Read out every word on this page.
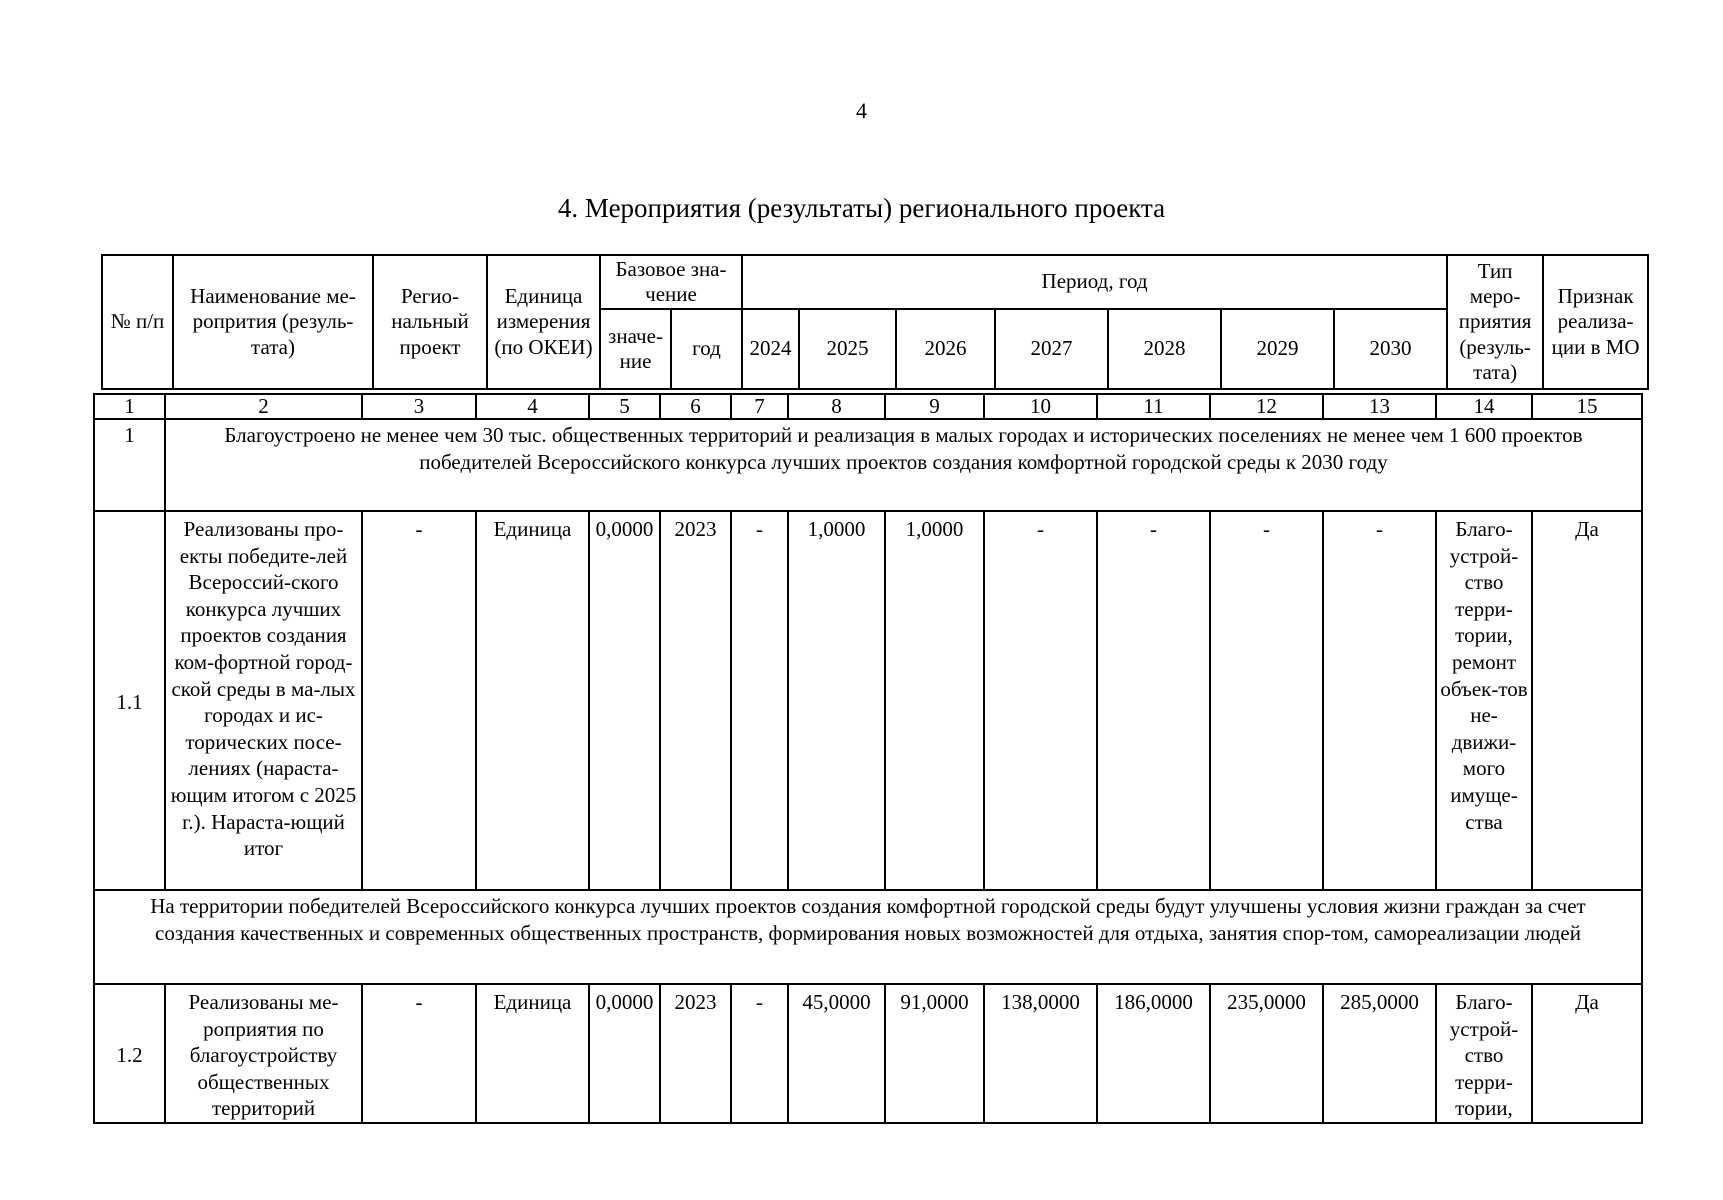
4
4. Мероприятия (результаты) регионального проекта
№ п/п	Наименование ме-ропрития (резуль-тата)	Регио-нальный проект	Единица измерения (по ОКЕИ)	Базовое зна-чение		Период, год							Тип меро-приятия (резуль-тата)	Признак реализа-ции в МО
				значе-ние	год	2024	2025	2026	2027	2028	2029	2030		
1	2	3	4	5	6	7	8	9	10	11	12	13	14	15
1	Благоустроено не менее чем 30 тыс. общественных территорий и реализация в малых городах и исторических поселениях не менее чем 1 600 проектов победителей Всероссийского конкурса лучших проектов создания комфортной городской среды к 2030 году													
1.1	Реализованы про-екты победите-лей Всероссий-ского конкурса лучших проектов создания ком-фортной город-ской среды в ма-лых городах и ис-торических посе-лениях (нараста-ющим итогом с 2025 г.). Нараста-ющий итог	-	Единица	0,0000	2023	-	1,0000	1,0000	-	-	-	-	Благо-устрой-ство терри-тории, ремонт объек-тов не-движи-мого имуще-ства	Да
На территории победителей Всероссийского конкурса лучших проектов создания комфортной городской среды будут улучшены условия жизни граждан за счет создания качественных и современных общественных пространств, формирования новых возможностей для отдыха, занятия спор-том, самореализации людей														
1.2	Реализованы ме-роприятия по благоустройству общественных территорий	-	Единица	0,0000	2023	-	45,0000	91,0000	138,0000	186,0000	235,0000	285,0000	Благо-устрой-ство терри-тории,	Да
